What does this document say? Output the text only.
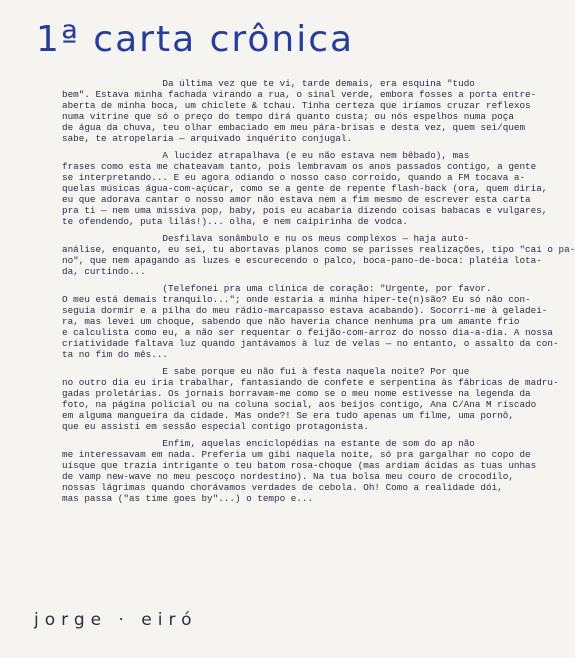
1ª carta crônica
Da última vez que te vi, tarde demais, era esquina "tudo
bem". Estava minha fachada virando a rua, o sinal verde, embora fosses a porta entre-
aberta de minha boca, um chiclete & tchau. Tinha certeza que iríamos cruzar reflexos
numa vitrine que só o preço do tempo dirá quanto custa; ou nós espelhos numa poça
de água da chuva, teu olhar embaciado em meu pára-brisas e desta vez, quem sei/quem
sabe, te atropelaria — arquivado inquérito conjugal.
A lucidez atrapalhava (e eu não estava nem bêbado), mas
frases como esta me chateavam tanto, pois lembravam os anos passados contigo, a gente
se interpretando... E eu agora odiando o nosso caso corroído, quando a FM tocava a-
quelas músicas água-com-açúcar, como se a gente de repente flash-back (ora, quem diria,
eu que adorava cantar o nosso amor não estava nem a fim mesmo de escrever esta carta
pra ti — nem uma missiva pop, baby, pois eu acabaria dizendo coisas babacas e vulgares,
te ofendendo, puta lilás!)... olha, e nem caipirinha de vodca.
Desfilava sonâmbulo e nu os meus complexos — haja auto-
análise, enquanto, eu sei, tu abortavas planos como se parisses realizações, tipo "cai o pa-
no", que nem apagando as luzes e escurecendo o palco, boca-pano-de-boca: platéia lota-
da, curtindo...
(Telefonei pra uma clínica de coração: "Urgente, por favor.
O meu está demais tranquilo..."; onde estaria a minha hiper-te(n)são? Eu só não con-
seguia dormir e a pilha do meu rádio-marcapasso estava acabando). Socorri-me à geladei-
ra, mas levei um choque, sabendo que não haveria chance nenhuma pra um amante frio
e calculista como eu, a não ser requentar o feijão-com-arroz do nosso dia-a-dia. A nossa
criatividade faltava luz quando jantávamos à luz de velas — no entanto, o assalto da con-
ta no fim do mês...
E sabe porque eu não fui à festa naquela noite? Por que
no outro dia eu iria trabalhar, fantasiando de confete e serpentina às fábricas de madru-
gadas proletárias. Os jornais borravam-me como se o meu nome estivesse na legenda da
foto, na página policial ou na coluna social, aos beijos contigo, Ana C/Ana M riscado
em alguma mangueira da cidade. Mas onde?! Se era tudo apenas um filme, uma pornô,
que eu assisti em sessão especial contigo protagonista.
Enfim, aquelas enciclopédias na estante de som do ap não
me interessavam em nada. Preferia um gibi naquela noite, só pra gargalhar no copo de
uísque que trazia intrigante o teu batom rosa-choque (mas ardiam ácidas as tuas unhas
de vamp new-wave no meu pescoço nordestino). Na tua bolsa meu couro de crocodilo,
nossas lágrimas quando chorávamos verdades de cebola. Oh! Como a realidade dói,
mas passa ("as time goes by"...) o tempo e...
jorge · eiró
